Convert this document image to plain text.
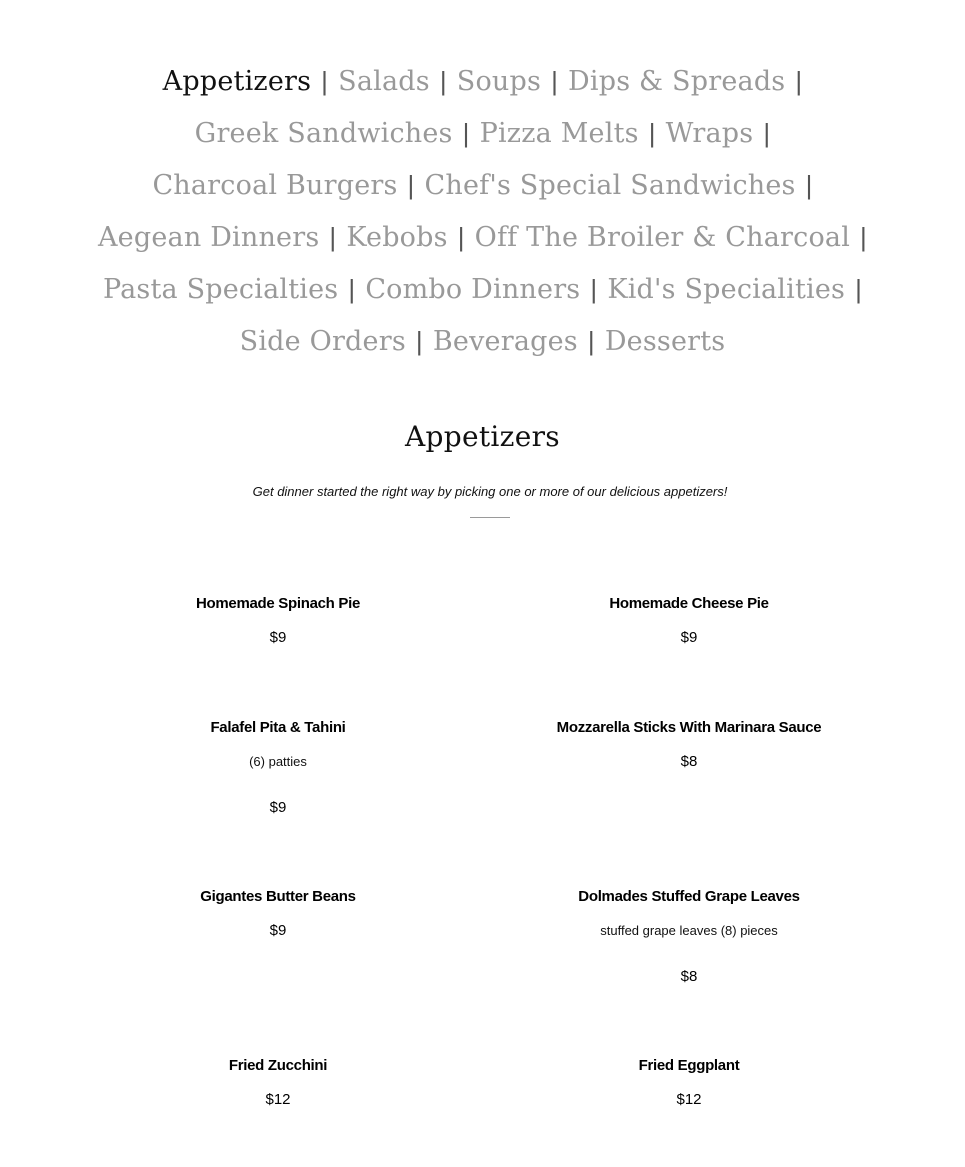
Appetizers | Salads | Soups | Dips & Spreads |
Greek Sandwiches | Pizza Melts | Wraps |
Charcoal Burgers | Chef's Special Sandwiches |
Aegean Dinners | Kebobs | Off The Broiler & Charcoal |
Pasta Specialties | Combo Dinners | Kid's Specialities |
Side Orders | Beverages | Desserts
Appetizers
Get dinner started the right way by picking one or more of our delicious appetizers!
Homemade Spinach Pie
$9
Homemade Cheese Pie
$9
Falafel Pita & Tahini
(6) patties
$9
Mozzarella Sticks With Marinara Sauce
$8
Gigantes Butter Beans
$9
Dolmades Stuffed Grape Leaves
stuffed grape leaves (8) pieces
$8
Fried Zucchini
$12
Fried Eggplant
$12
